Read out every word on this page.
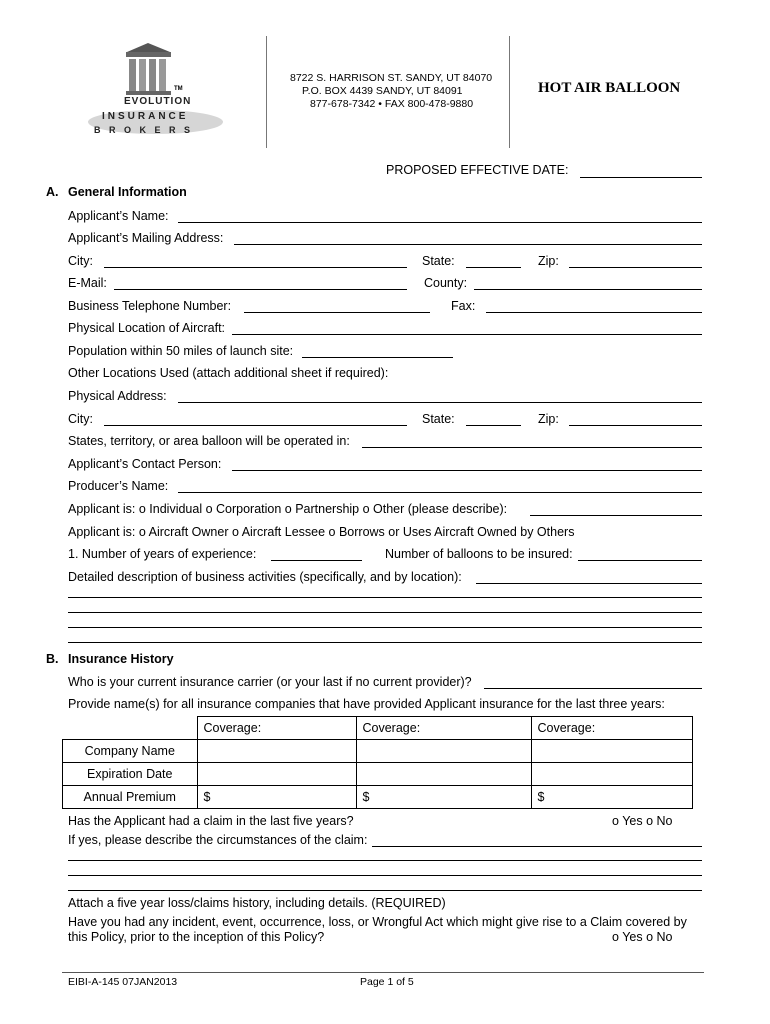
TM
EVOLUTION
INSURANCE
B R O K E R S
8722 S. HARRISON ST. SANDY, UT 84070
P.O. BOX 4439 SANDY, UT 84091
877-678-7342 • FAX 800-478-9880
HOT AIR BALLOON
PROPOSED EFFECTIVE DATE:
A. General Information
Applicant’s Name:
Applicant’s Mailing Address:
City:	State:	Zip:
E-Mail:	County:
Business Telephone Number:	Fax:
Physical Location of Aircraft:
Population within 50 miles of launch site:
Other Locations Used (attach additional sheet if required):
Physical Address:
City:	State:	Zip:
States, territory, or area balloon will be operated in:
Applicant’s Contact Person:
Producer’s Name:
Applicant is: o Individual o Corporation o Partnership o Other (please describe):
Applicant is: o Aircraft Owner o Aircraft Lessee o Borrows or Uses Aircraft Owned by Others
1. Number of years of experience:	Number of balloons to be insured:
Detailed description of business activities (specifically, and by location):
B. Insurance History
Who is your current insurance carrier (or your last if no current provider)?
Provide name(s) for all insurance companies that have provided Applicant insurance for the last three years:
	Coverage:	Coverage:	Coverage:
Company Name			
Expiration Date			
Annual Premium	$	$	$
Has the Applicant had a claim in the last five years?	o Yes o No
If yes, please describe the circumstances of the claim:
Attach a five year loss/claims history, including details. (REQUIRED)
Have you had any incident, event, occurrence, loss, or Wrongful Act which might give rise to a Claim covered by
this Policy, prior to the inception of this Policy?	o Yes o No
EIBI-A-145 07JAN2013	Page 1 of 5
